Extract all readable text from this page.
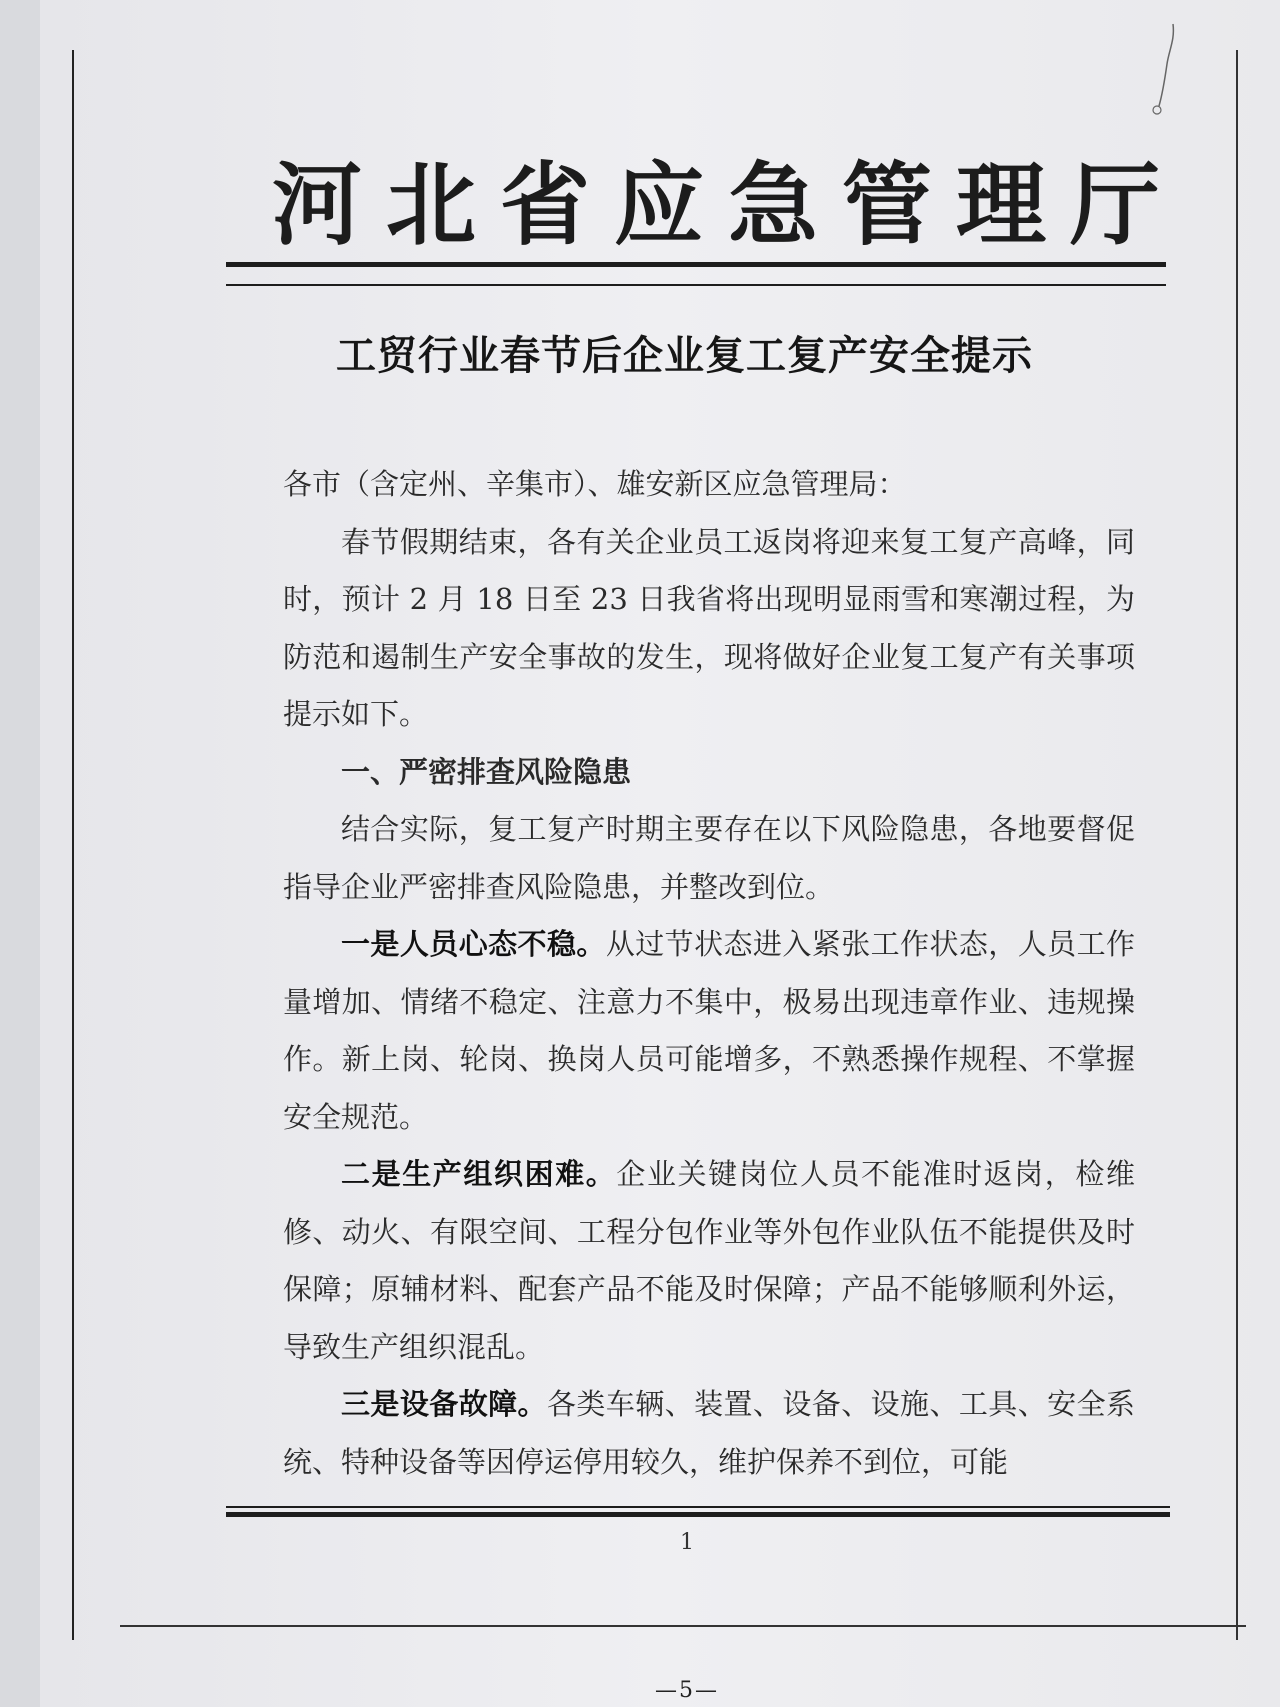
河北省应急管理厅
工贸行业春节后企业复工复产安全提示

各市（含定州、辛集市）、雄安新区应急管理局：

春节假期结束，各有关企业员工返岗将迎来复工复产高峰，同时，预计 2 月 18 日至 23 日我省将出现明显雨雪和寒潮过程，为防范和遏制生产安全事故的发生，现将做好企业复工复产有关事项提示如下。

一、严密排查风险隐患

结合实际，复工复产时期主要存在以下风险隐患，各地要督促指导企业严密排查风险隐患，并整改到位。

一是人员心态不稳。从过节状态进入紧张工作状态，人员工作量增加、情绪不稳定、注意力不集中，极易出现违章作业、违规操作。新上岗、轮岗、换岗人员可能增多，不熟悉操作规程、不掌握安全规范。

二是生产组织困难。企业关键岗位人员不能准时返岗，检维修、动火、有限空间、工程分包作业等外包作业队伍不能提供及时保障；原辅材料、配套产品不能及时保障；产品不能够顺利外运，导致生产组织混乱。

三是设备故障。各类车辆、装置、设备、设施、工具、安全系统、特种设备等因停运停用较久，维护保养不到位，可能

1
—5—
